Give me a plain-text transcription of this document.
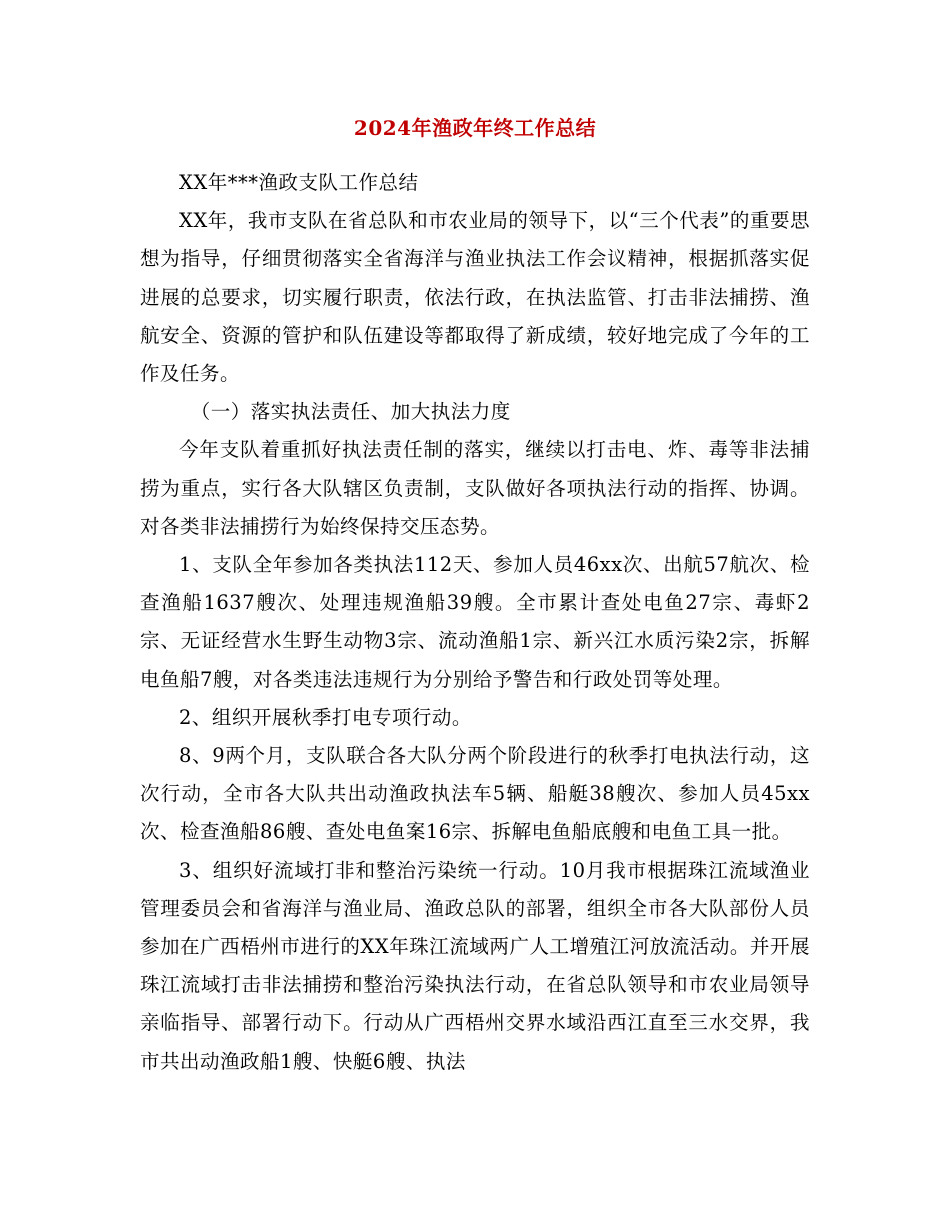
2024年渔政年终工作总结

XX年***渔政支队工作总结

XX年，我市支队在省总队和市农业局的领导下，以“三个代表”的重要思想为指导，仔细贯彻落实全省海洋与渔业执法工作会议精神，根据抓落实促进展的总要求，切实履行职责，依法行政，在执法监管、打击非法捕捞、渔航安全、资源的管护和队伍建设等都取得了新成绩，较好地完成了今年的工作及任务。

（一）落实执法责任、加大执法力度

今年支队着重抓好执法责任制的落实，继续以打击电、炸、毒等非法捕捞为重点，实行各大队辖区负责制，支队做好各项执法行动的指挥、协调。对各类非法捕捞行为始终保持交压态势。

1、支队全年参加各类执法112天、参加人员46xx次、出航57航次、检查渔船1637艘次、处理违规渔船39艘。全市累计查处电鱼27宗、毒虾2宗、无证经营水生野生动物3宗、流动渔船1宗、新兴江水质污染2宗，拆解电鱼船7艘，对各类违法违规行为分别给予警告和行政处罚等处理。

2、组织开展秋季打电专项行动。

8、9两个月，支队联合各大队分两个阶段进行的秋季打电执法行动，这次行动，全市各大队共出动渔政执法车5辆、船艇38艘次、参加人员45xx次、检查渔船86艘、查处电鱼案16宗、拆解电鱼船底艘和电鱼工具一批。

3、组织好流域打非和整治污染统一行动。10月我市根据珠江流域渔业管理委员会和省海洋与渔业局、渔政总队的部署，组织全市各大队部份人员参加在广西梧州市进行的XX年珠江流域两广人工增殖江河放流活动。并开展珠江流域打击非法捕捞和整治污染执法行动，在省总队领导和市农业局领导亲临指导、部署行动下。行动从广西梧州交界水域沿西江直至三水交界，我市共出动渔政船1艘、快艇6艘、执法
